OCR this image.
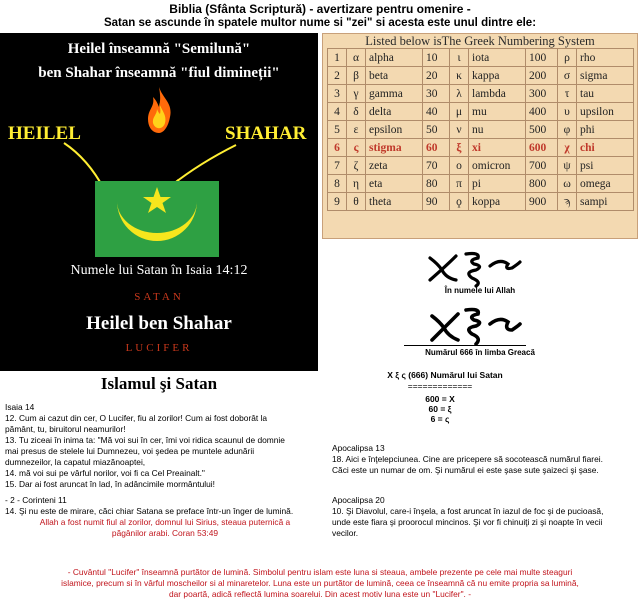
Biblia (Sfânta Scriptură) - avertizare pentru omenire -
Satan se ascunde în spatele multor nume si "zei" si acesta este unul dintre ele:
Heilel înseamnă "Semilună"
ben Shahar înseamnă "fiul dimineții"
HEILEL	SHAHAR
Numele lui Satan în Isaia 14:12
SATAN
Heilel ben Shahar
LUCIFER
Listed below isThe Greek Numbering System
1	α	alpha	10	ι	iota	100	ρ	rho
2	β	beta	20	κ	kappa	200	σ	sigma
3	γ	gamma	30	λ	lambda	300	τ	tau
4	δ	delta	40	μ	mu	400	υ	upsilon
5	ε	epsilon	50	ν	nu	500	φ	phi
6	ς	stigma	60	ξ	xi	600	χ	chi
7	ζ	zeta	70	ο	omicron	700	ψ	psi
8	η	eta	80	π	pi	800	ω	omega
9	θ	theta	90	ϙ	koppa	900	ϡ	sampi
În numele lui Allah
Numărul 666 în limba Greacă
X ξ ς (666) Numărul lui Satan
=============
600 = X
60 = ξ
6 = ς
Islamul şi Satan
Isaia 14
12. Cum ai cazut din cer, O Lucifer, fiu al zorilor! Cum ai fost doborât la
pământ, tu, biruitorul neamurilor!
13. Tu ziceai în inima ta: "Mă voi sui în cer, îmi voi ridica scaunul de domnie
mai presus de stelele lui Dumnezeu, voi şedea pe muntele adunării
dumnezeilor, la capatul miazănoaptei,
14. mă voi sui pe vârful norilor, voi fi ca Cel Preainalt."
15. Dar ai fost aruncat în lad, în adâncimile mormântului!
- 2 - Corinteni 11
14. Şi nu este de mirare, căci chiar Satana se preface într-un înger de lumină.
Allah a fost numit fiul al zorilor, domnul lui Sirius, steaua puternică a
păgânilor arabi. Coran 53:49
Apocalipsa 13
18. Aici e înţelepciunea. Cine are pricepere să socotească numărul fiarei.
Căci este un numar de om. Şi numărul ei este şase sute şaizeci şi şase.
Apocalipsa 20
10. Şi Diavolul, care-i înşela, a fost aruncat în iazul de foc şi de pucioasă,
unde este fiara şi proorocul mincinos. Şi vor fi chinuiţi zi şi noapte în vecii
vecilor.
- Cuvântul "Lucifer" înseamnă purtător de lumină. Simbolul pentru islam este luna si steaua, ambele prezente pe cele mai multe steaguri
islamice, precum si în vârful moscheilor si al minaretelor. Luna este un purtător de lumină, ceea ce înseamnă că nu emite propria sa lumină,
dar poartă, adică reflectă lumina soarelui. Din acest motiv luna este un "Lucifer". -
